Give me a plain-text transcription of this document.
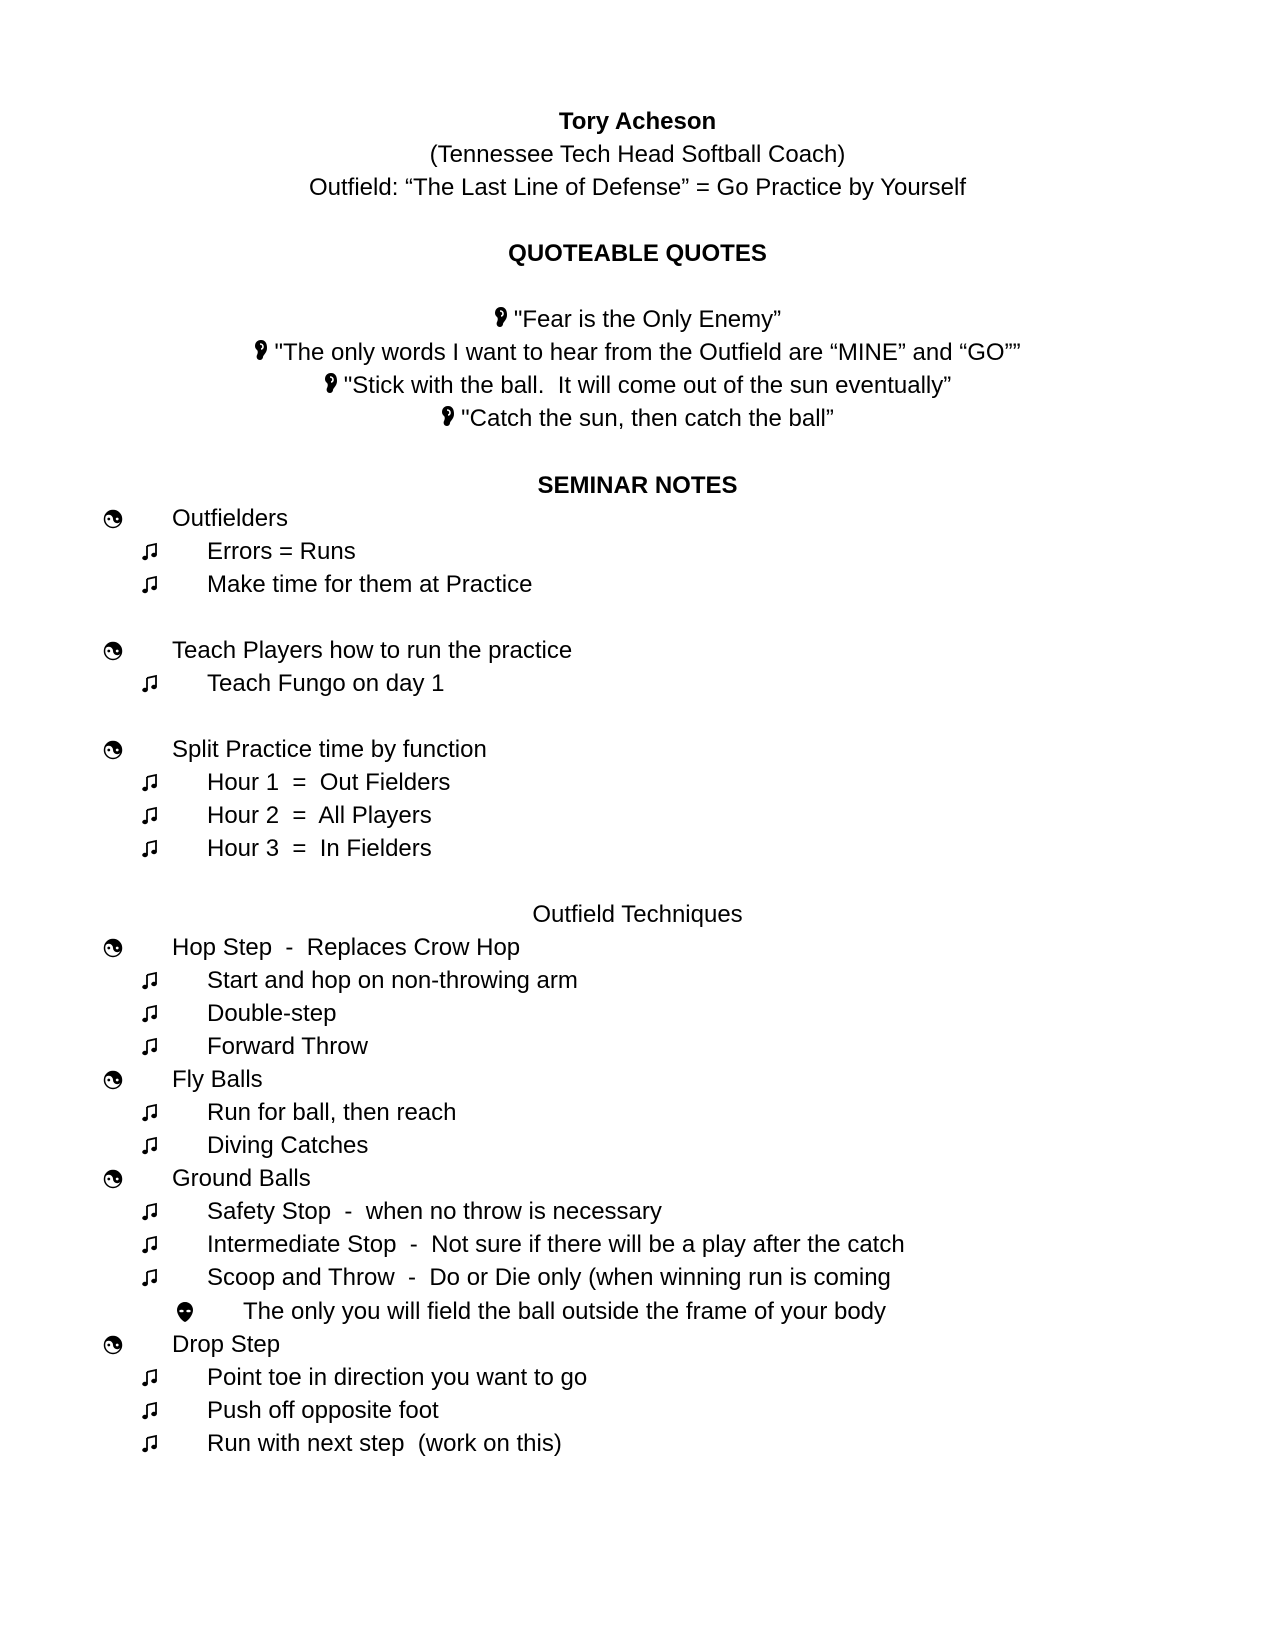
Tory Acheson
(Tennessee Tech Head Softball Coach)
Outfield: “The Last Line of Defense” = Go Practice by Yourself
QUOTEABLE QUOTES
"Fear is the Only Enemy”
"The only words I want to hear from the Outfield are “MINE” and “GO””
"Stick with the ball.  It will come out of the sun eventually”
"Catch the sun, then catch the ball”
SEMINAR NOTES
Outfielders
Errors = Runs
Make time for them at Practice
Teach Players how to run the practice
Teach Fungo on day 1
Split Practice time by function
Hour 1  =  Out Fielders
Hour 2  =  All Players
Hour 3  =  In Fielders
Outfield Techniques
Hop Step  -  Replaces Crow Hop
Start and hop on non-throwing arm
Double-step
Forward Throw
Fly Balls
Run for ball, then reach
Diving Catches
Ground Balls
Safety Stop  -  when no throw is necessary
Intermediate Stop  -  Not sure if there will be a play after the catch
Scoop and Throw  -  Do or Die only (when winning run is coming
The only you will field the ball outside the frame of your body
Drop Step
Point toe in direction you want to go
Push off opposite foot
Run with next step  (work on this)
